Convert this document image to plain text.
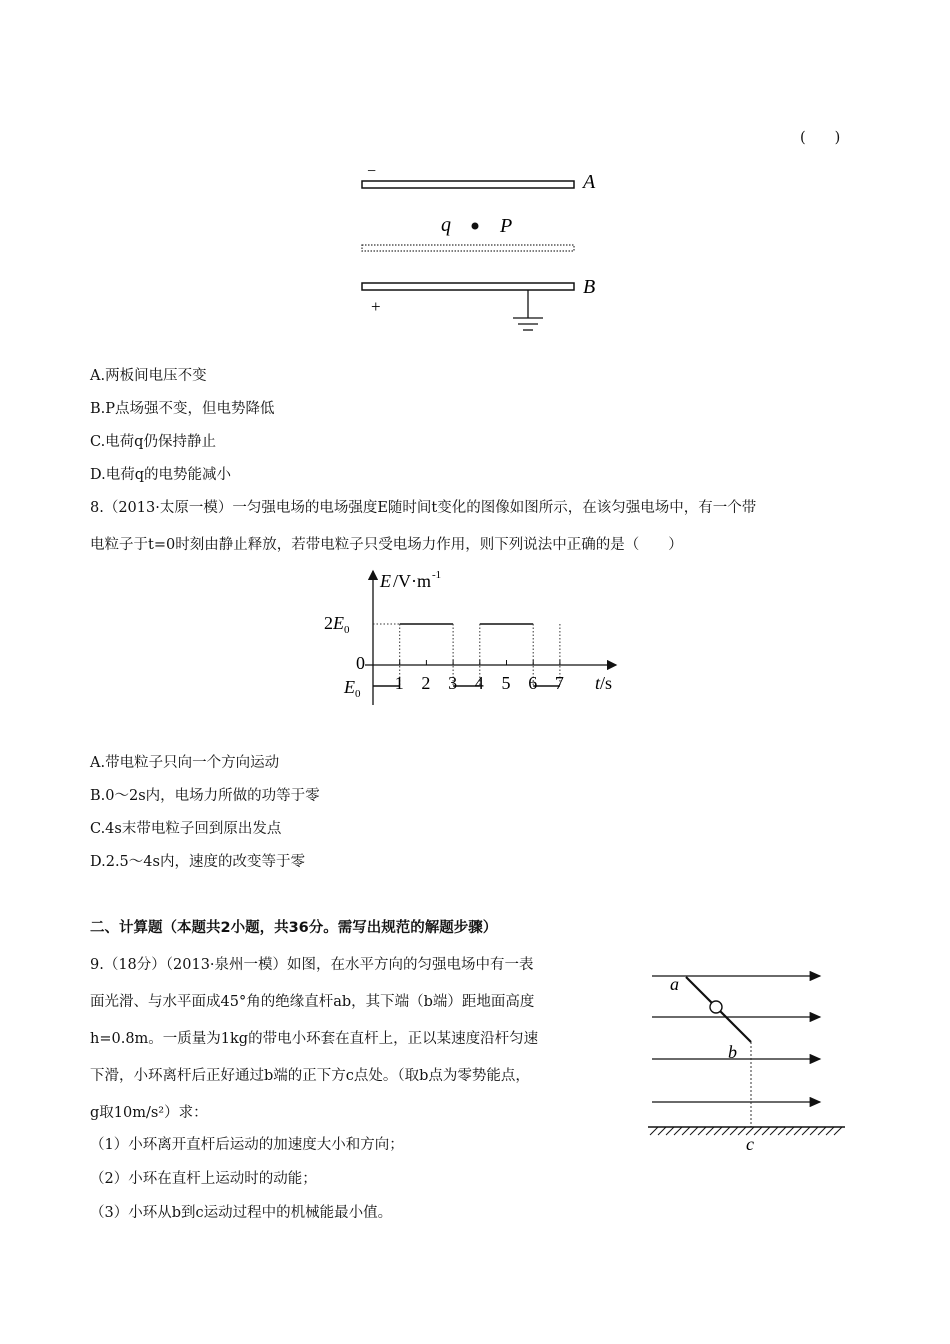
(　　)
−	A
q P
B
+
A.两板间电压不变
B.P点场强不变，但电势降低
C.电荷q仍保持静止
D.电荷q的电势能减小
8.（2013·太原一模）一匀强电场的电场强度E随时间t变化的图像如图所示，在该匀强电场中，有一个带
电粒子于t=0时刻由静止释放，若带电粒子只受电场力作用，则下列说法中正确的是（　　）
E /V·m -1
1 2 3 4 5 6 7
$2E_0$
0
$E_0$
t/s
A.带电粒子只向一个方向运动
B.0～2s内，电场力所做的功等于零
C.4s末带电粒子回到原出发点
D.2.5～4s内，速度的改变等于零
二、计算题（本题共2小题，共36分。需写出规范的解题步骤）
9.（18分）（2013·泉州一模）如图，在水平方向的匀强电场中有一表
面光滑、与水平面成45°角的绝缘直杆ab，其下端（b端）距地面高度
h=0.8m。一质量为1kg的带电小环套在直杆上，正以某速度沿杆匀速
下滑，小环离杆后正好通过b端的正下方c点处。（取b点为零势能点，
g取10m/s²）求：
（1）小环离开直杆后运动的加速度大小和方向；
（2）小环在直杆上运动时的动能；
（3）小环从b到c运动过程中的机械能最小值。
a
b
c
